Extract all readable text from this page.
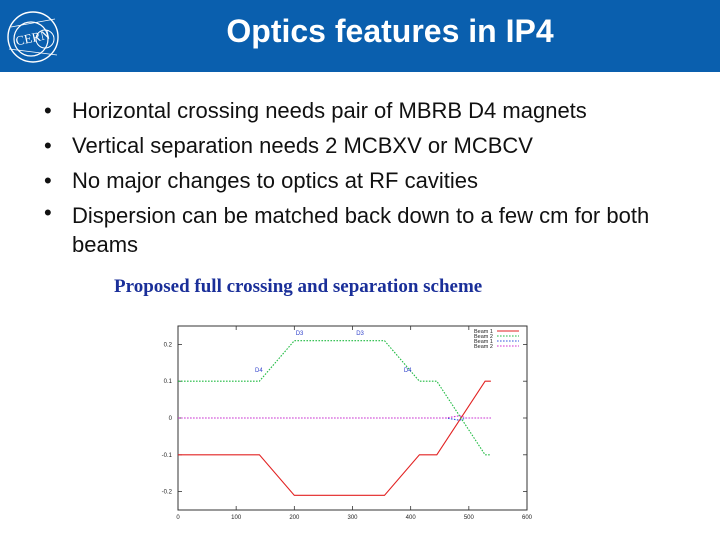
CERN	Optics features in IP4
• Horizontal crossing needs pair of MBRB D4 magnets
• Vertical separation needs 2 MCBXV or MCBCV
• No major changes to optics at RF cavities
• Dispersion can be matched back down to a few cm for both beams
Proposed full crossing and separation scheme
0	100	200	300	400	500	600
0.2
0.1
0
-0.1
-0.2
D3	D3
D4	D4
Beam 1
Beam 2
Beam 1
Beam 2
